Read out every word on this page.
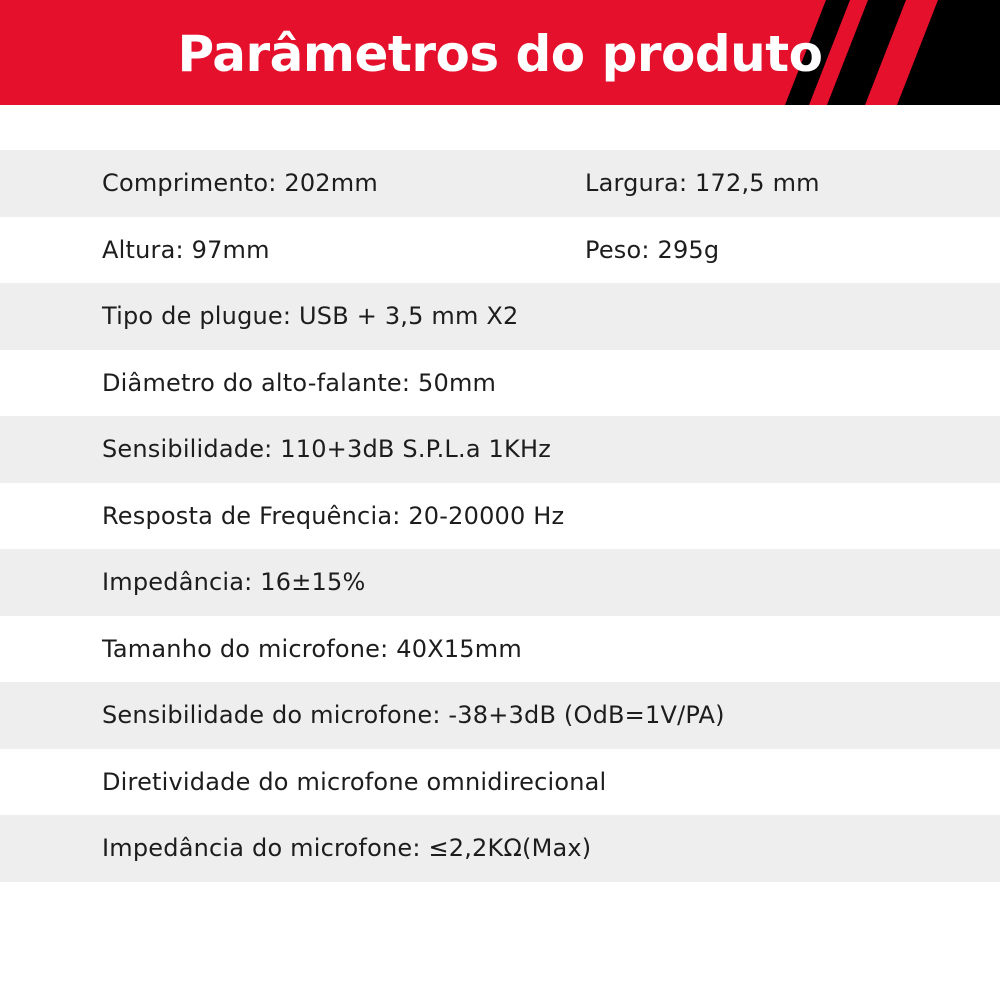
Parâmetros do produto
Comprimento: 202mm	Largura: 172,5 mm
Altura: 97mm	Peso: 295g
Tipo de plugue: USB + 3,5 mm X2
Diâmetro do alto-falante: 50mm
Sensibilidade: 110+3dB S.P.L.a 1KHz
Resposta de Frequência: 20-20000 Hz
Impedância: 16±15%
Tamanho do microfone: 40X15mm
Sensibilidade do microfone: -38+3dB (OdB=1V/PA)
Diretividade do microfone omnidirecional
Impedância do microfone: ≤2,2KΩ(Max)
